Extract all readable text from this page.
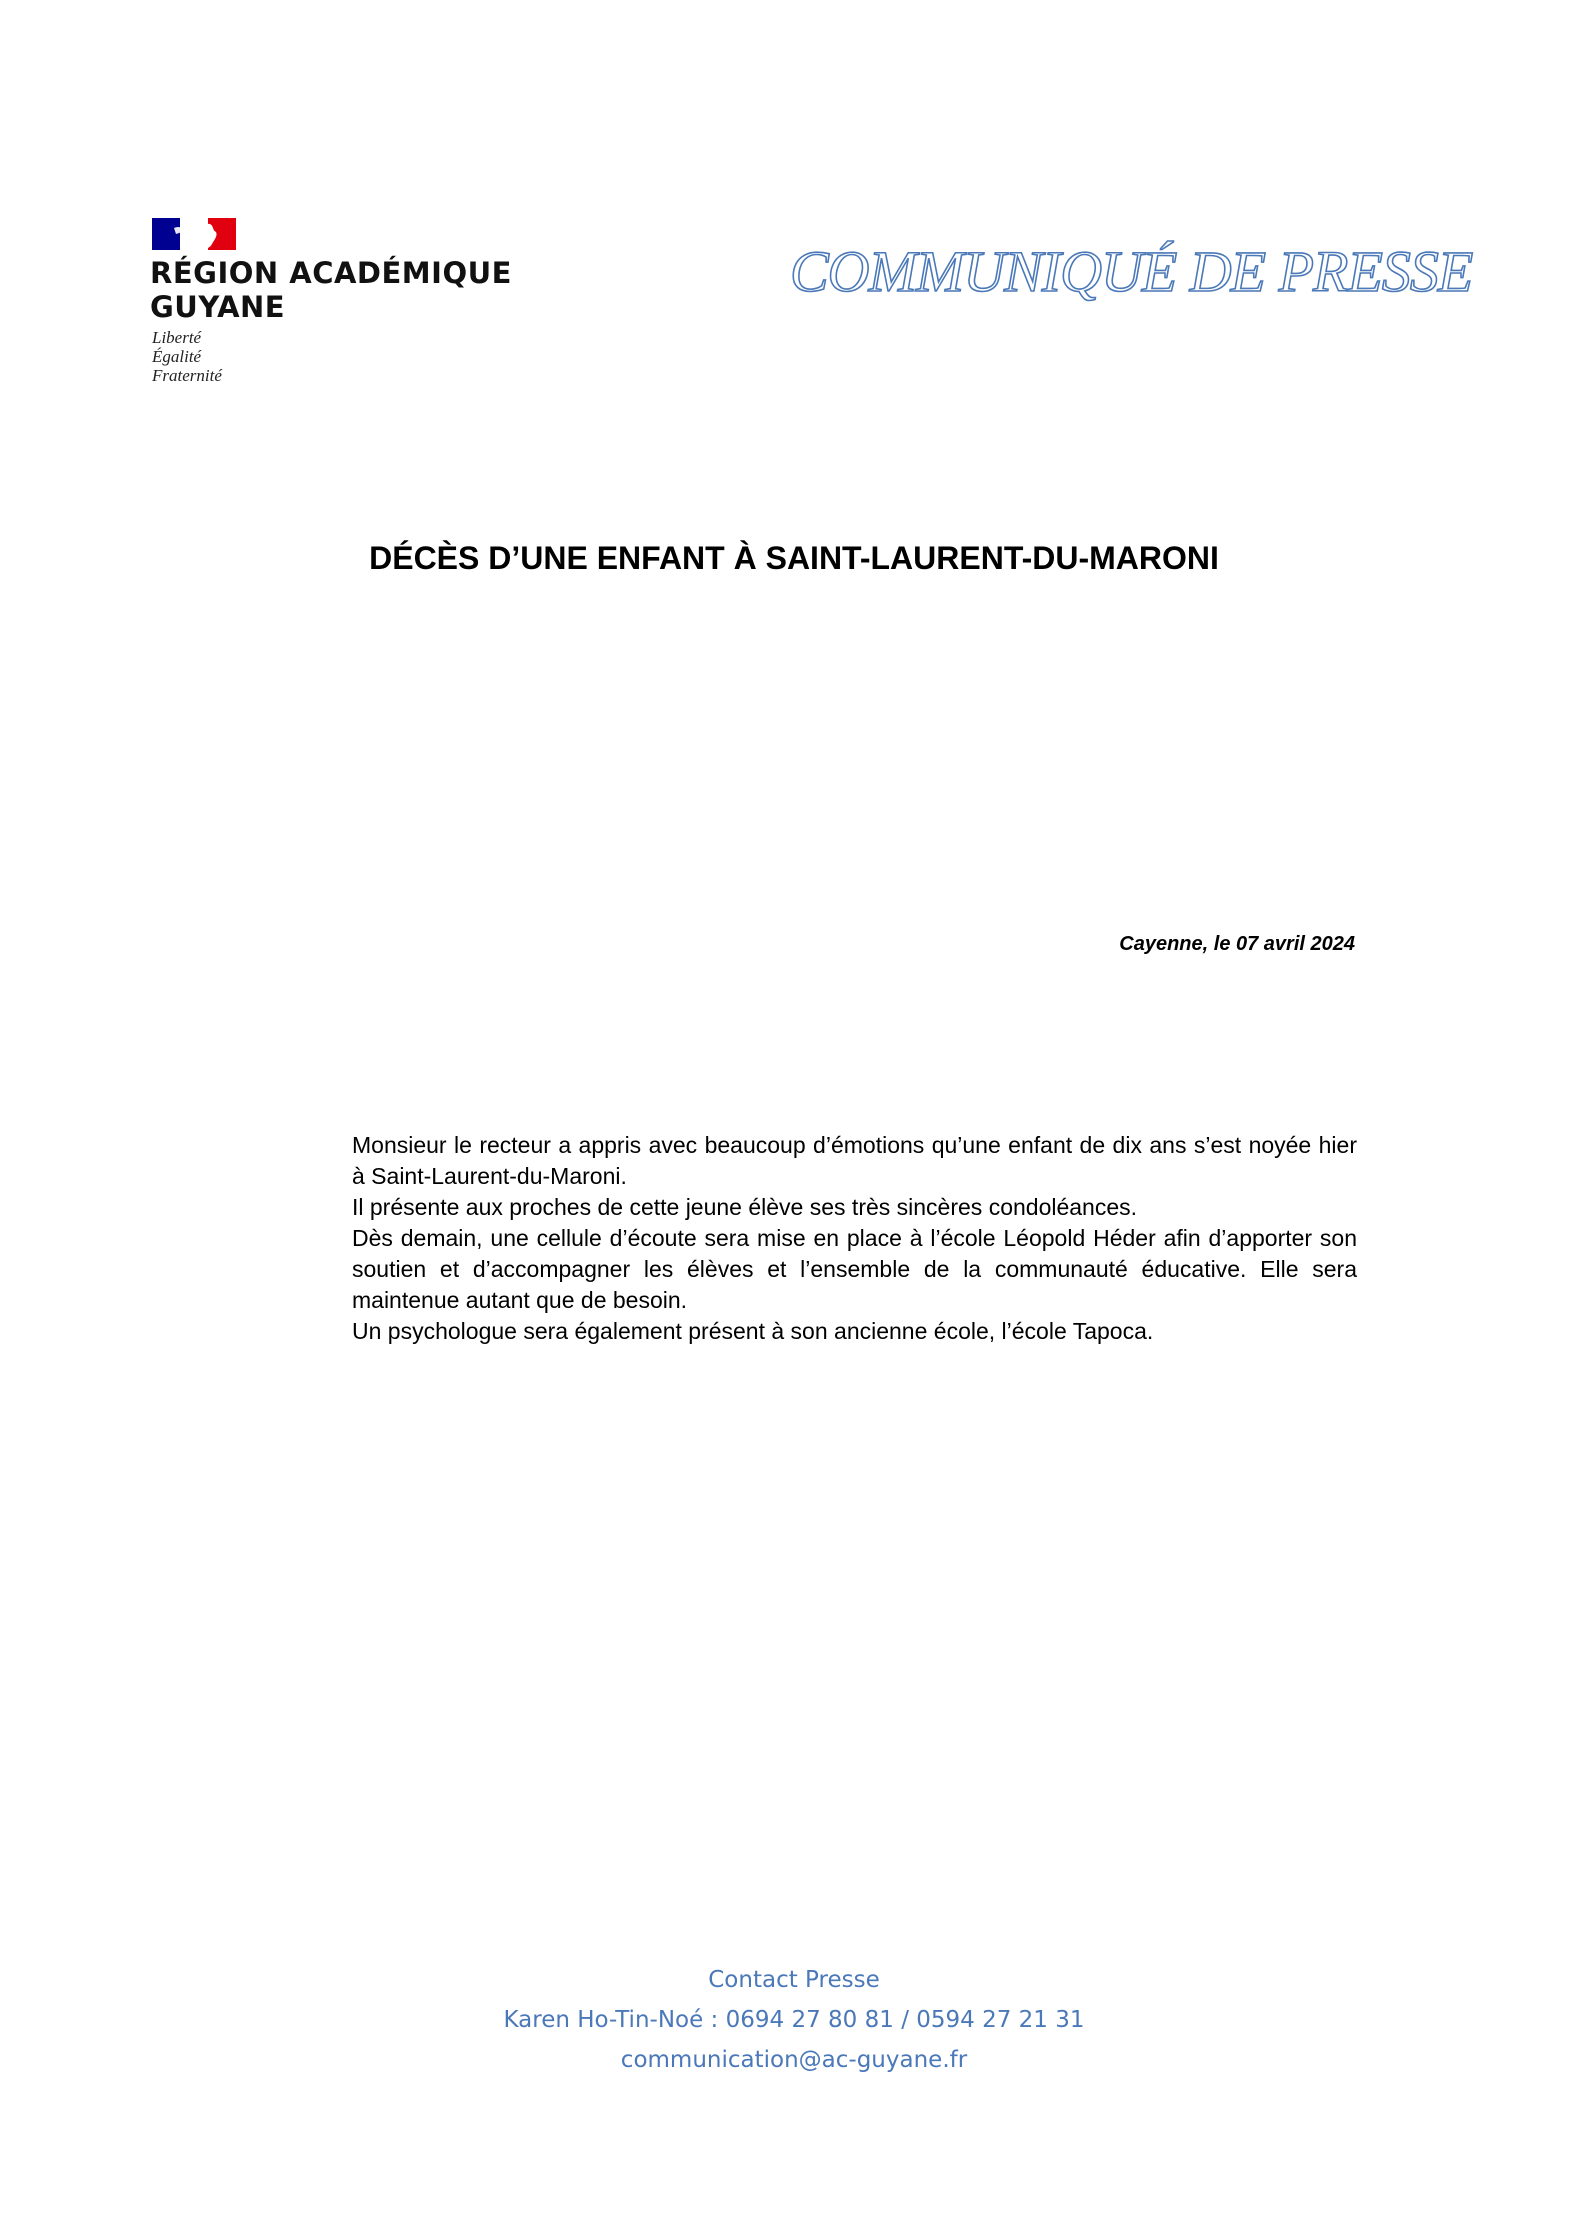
RÉGION ACADÉMIQUE
GUYANE
Liberté
Égalité
Fraternité
COMMUNIQUÉ DE PRESSE
DÉCÈS D’UNE ENFANT À SAINT-LAURENT-DU-MARONI
Cayenne, le 07 avril 2024

Monsieur le recteur a appris avec beaucoup d’émotions qu’une enfant de dix ans s’est noyée hier à Saint-Laurent-du-Maroni.

Il présente aux proches de cette jeune élève ses très sincères condoléances.

Dès demain, une cellule d’écoute sera mise en place à l’école Léopold Héder afin d’apporter son soutien et d’accompagner les élèves et l’ensemble de la communauté éducative. Elle sera maintenue autant que de besoin.

Un psychologue sera également présent à son ancienne école, l’école Tapoca.

Contact Presse
Karen Ho-Tin-Noé : 0694 27 80 81 / 0594 27 21 31
communication@ac-guyane.fr
